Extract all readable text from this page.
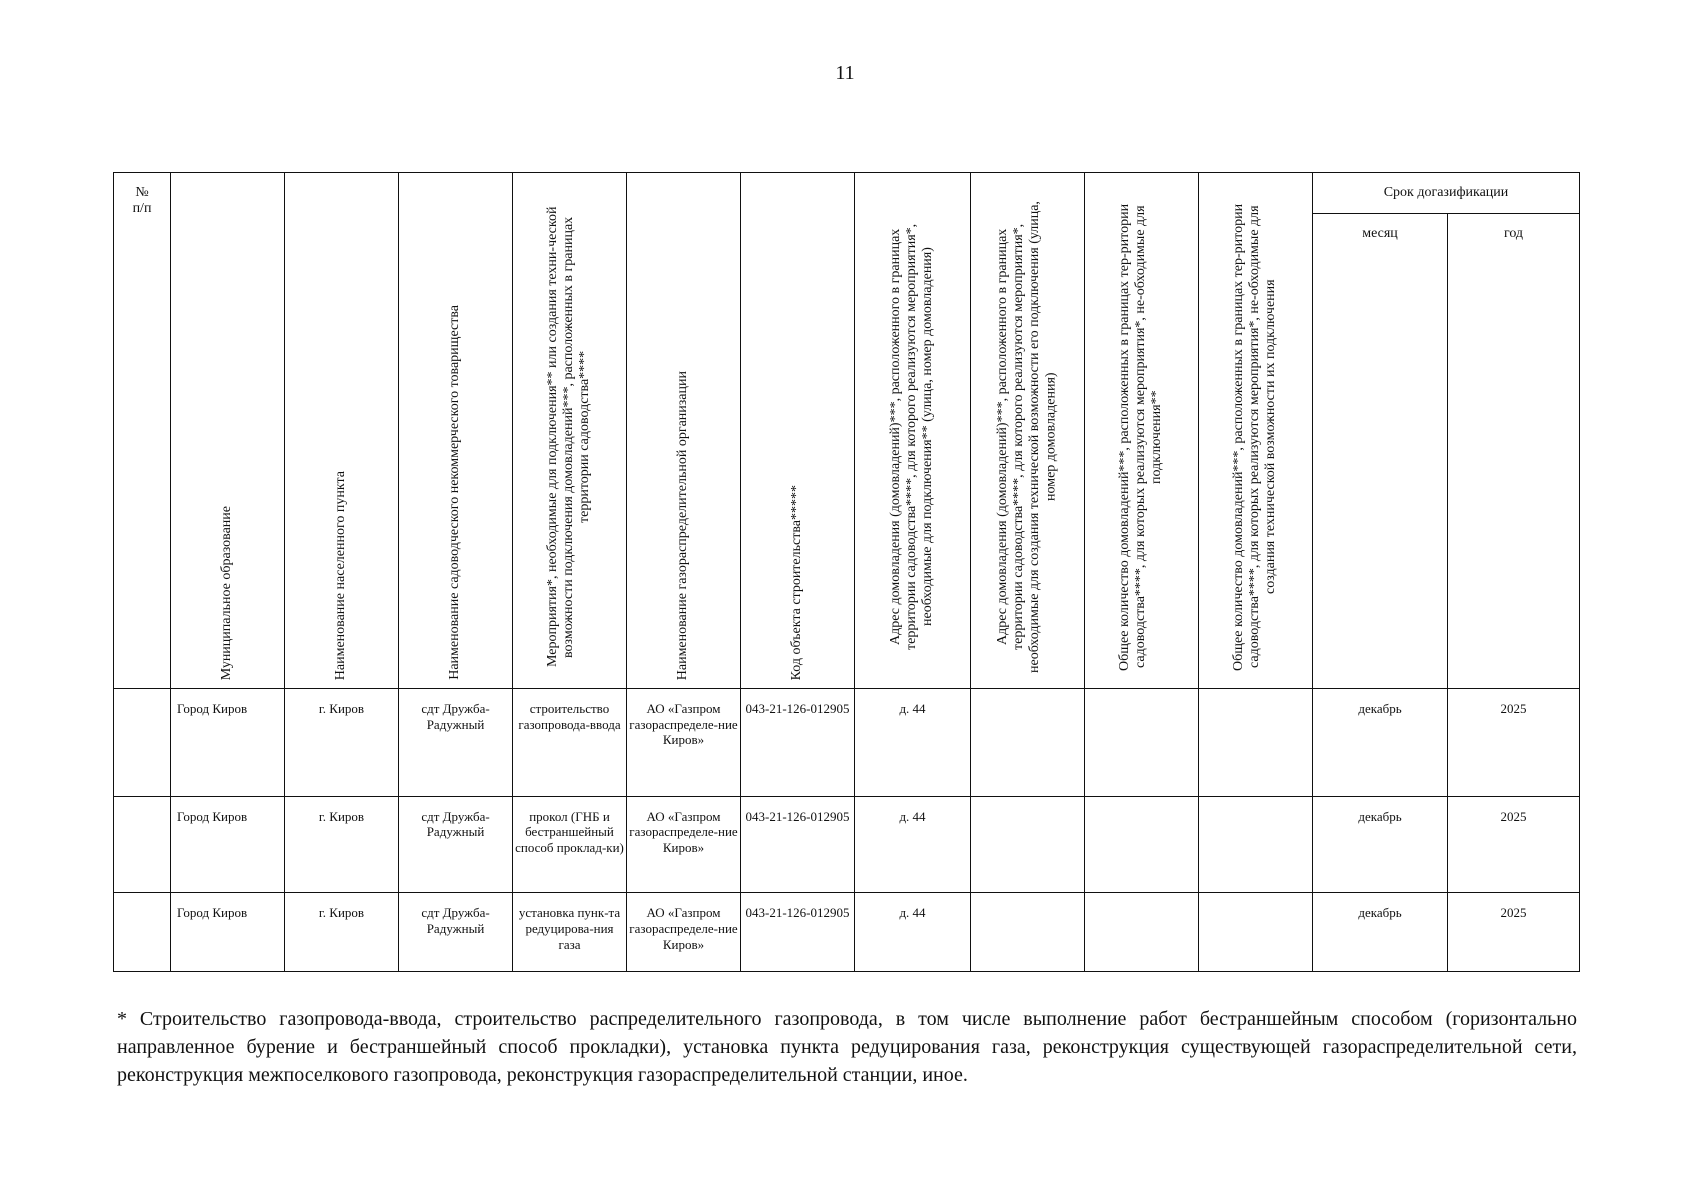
11
№
п/п	Муниципальное образование	Наименование населенного пункта	Наименование садоводческого некоммерческого товарищества	Мероприятия*, необходимые для подключения** или создания техни-ческой возможности подключения домовладений***, расположенных в границах территории садоводства****	Наименование газораспределительной организации	Код объекта строительства*****	Адрес домовладения (домовладений)***, расположенного в границах территории садоводства****, для которого реализуются мероприятия*, необходимые для подключения** (улица, номер домовладения)	Адрес домовладения (домовладений)***, расположенного в границах территории садоводства****, для которого реализуются мероприятия*, необходимые для создания технической возможности его подключения (улица, номер домовладения)	Общее количество домовладений***, расположенных в границах тер-ритории садоводства****, для которых реализуются мероприятия*, не-обходимые для подключения**	Общее количество домовладений***, расположенных в границах тер-ритории садоводства****, для которых реализуются мероприятия*, не-обходимые для создания технической возможности их подключения	Срок догазификации	
											месяц	год
	Город Киров	г. Киров	сдт Дружба-Радужный	строительство газопровода-ввода	АО «Газпром газораспределе-ние Киров»	043-21-126-012905	д. 44				декабрь	2025
	Город Киров	г. Киров	сдт Дружба-Радужный	прокол (ГНБ и бестраншейный способ проклад-ки)	АО «Газпром газораспределе-ние Киров»	043-21-126-012905	д. 44				декабрь	2025
	Город Киров	г. Киров	сдт Дружба-Радужный	установка пунк-та редуцирова-ния газа	АО «Газпром газораспределе-ние Киров»	043-21-126-012905	д. 44				декабрь	2025
* Строительство газопровода-ввода, строительство распределительного газопровода, в том числе выполнение работ бестраншейным способом (горизонтально направленное бурение и бестраншейный способ прокладки), установка пункта редуцирования газа, реконструкция существующей газораспределительной сети, реконструкция межпоселкового газопровода, реконструкция газораспределительной станции, иное.
